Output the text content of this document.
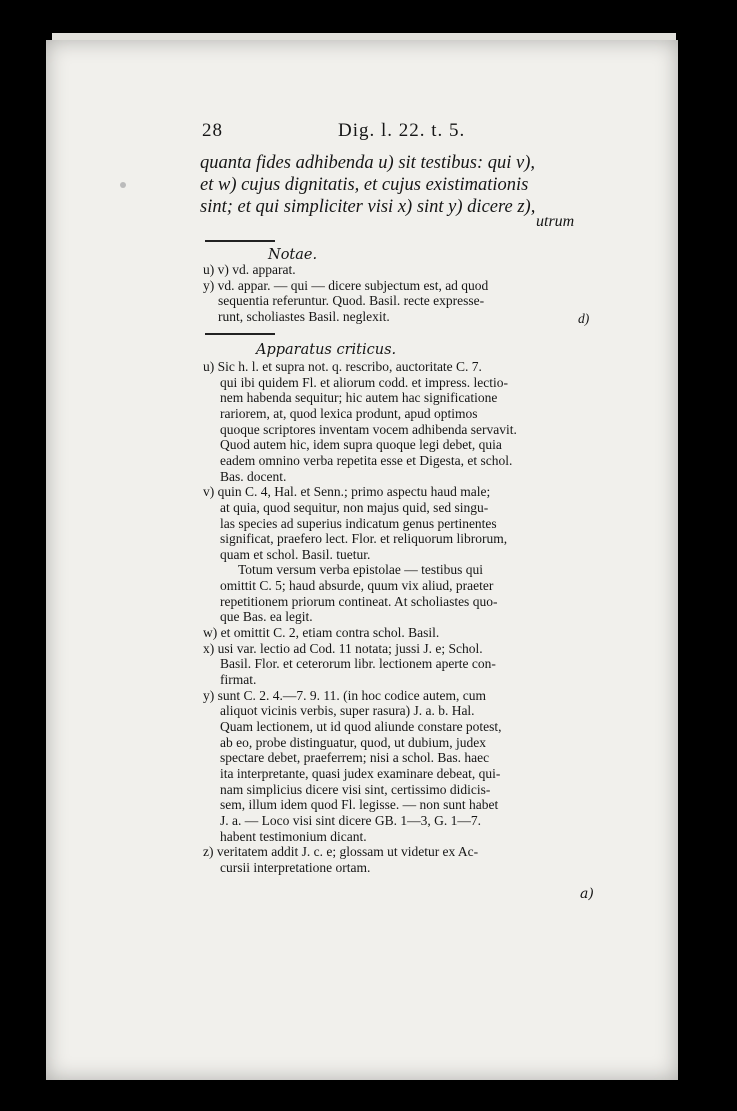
28	Dig. l. 22. t. 5.
quanta fides adhibenda u) sit testibus: qui v),
et w) cujus dignitatis, et cujus existimationis
sint; et qui simpliciter visi x) sint y) dicere z),
utrum
Notae.
u) v) vd. apparat.
y) vd. appar. — qui — dicere subjectum est, ad quod
sequentia referuntur. Quod. Basil. recte expresse-
runt, scholiastes Basil. neglexit.	d)
Apparatus criticus.
u) Sic h. l. et supra not. q. rescribo, auctoritate C. 7.
qui ibi quidem Fl. et aliorum codd. et impress. lectio-
nem habenda sequitur; hic autem hac significatione
rariorem, at, quod lexica produnt, apud optimos
quoque scriptores inventam vocem adhibenda servavit.
Quod autem hic, idem supra quoque legi debet, quia
eadem omnino verba repetita esse et Digesta, et schol.
Bas. docent.
v) quin C. 4, Hal. et Senn.; primo aspectu haud male;
at quia, quod sequitur, non majus quid, sed singu-
las species ad superius indicatum genus pertinentes
significat, praefero lect. Flor. et reliquorum librorum,
quam et schol. Basil. tuetur.
Totum versum verba epistolae — testibus qui
omittit C. 5; haud absurde, quum vix aliud, praeter
repetitionem priorum contineat. At scholiastes quo-
que Bas. ea legit.
w) et omittit C. 2, etiam contra schol. Basil.
x) usi var. lectio ad Cod. 11 notata; jussi J. e; Schol.
Basil. Flor. et ceterorum libr. lectionem aperte con-
firmat.
y) sunt C. 2. 4.—7. 9. 11. (in hoc codice autem, cum
aliquot vicinis verbis, super rasura) J. a. b. Hal.
Quam lectionem, ut id quod aliunde constare potest,
ab eo, probe distinguatur, quod, ut dubium, judex
spectare debet, praeferrem; nisi a schol. Bas. haec
ita interpretante, quasi judex examinare debeat, qui-
nam simplicius dicere visi sint, certissimo didicis-
sem, illum idem quod Fl. legisse. — non sunt habet
J. a. — Loco visi sint dicere GB. 1—3, G. 1—7.
habent testimonium dicant.
z) veritatem addit J. c. e; glossam ut videtur ex Ac-
cursii interpretatione ortam.
a)
